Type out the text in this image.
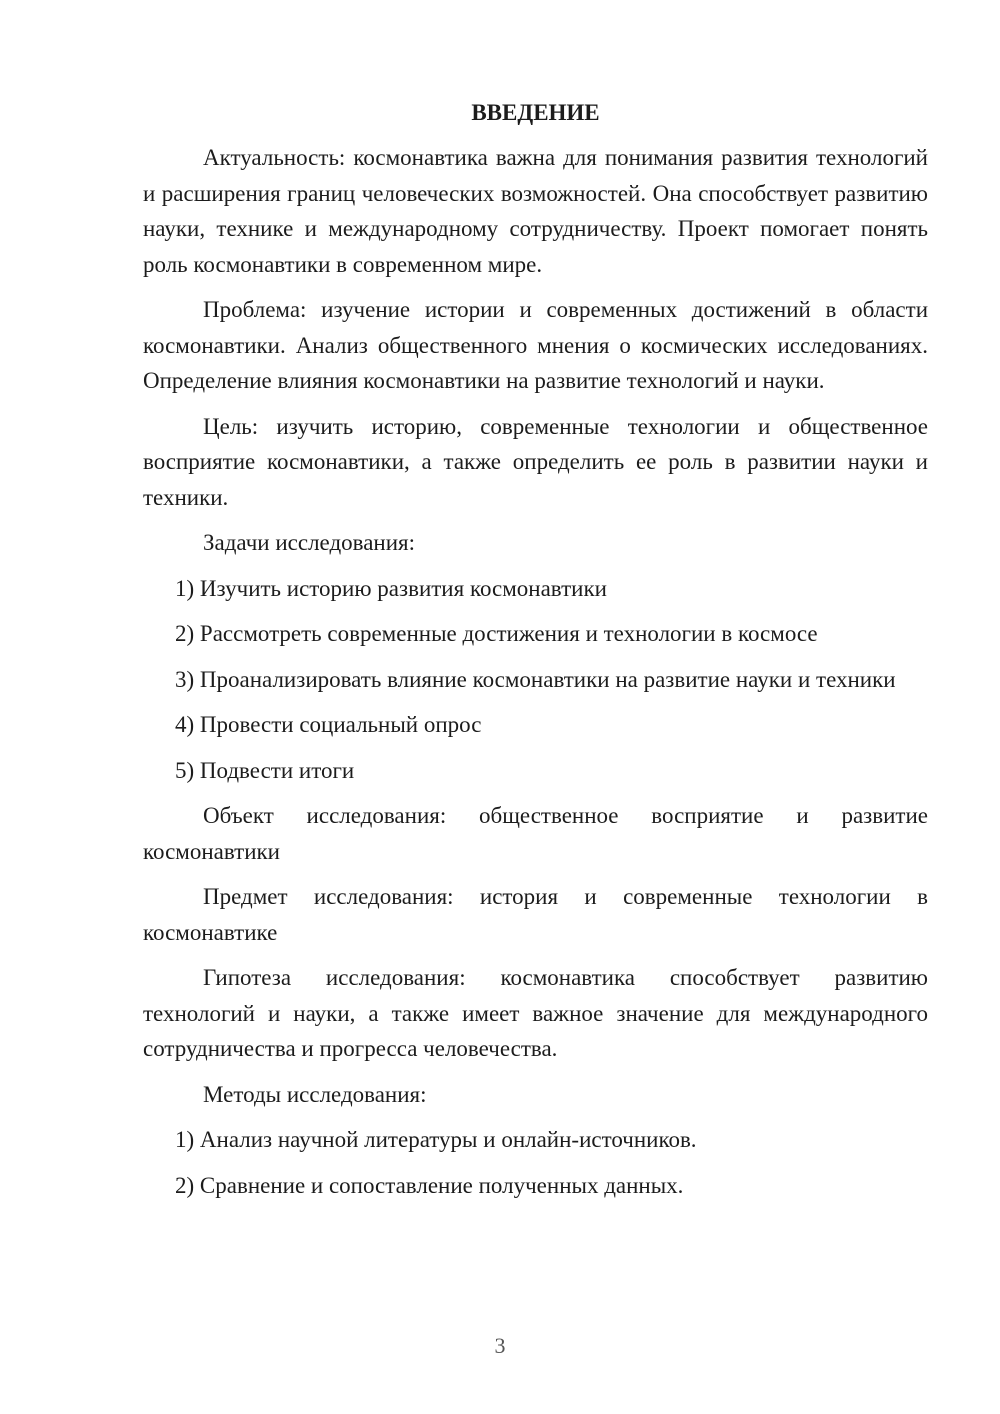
ВВЕДЕНИЕ
Актуальность: космонавтика важна для понимания развития технологий и расширения границ человеческих возможностей. Она способствует развитию науки, технике и международному сотрудничеству. Проект помогает понять роль космонавтики в современном мире.
Проблема: изучение истории и современных достижений в области космонавтики. Анализ общественного мнения о космических исследованиях. Определение влияния космонавтики на развитие технологий и науки.
Цель: изучить историю, современные технологии и общественное восприятие космонавтики, а также определить ее роль в развитии науки и техники.
Задачи исследования:
1) Изучить историю развития космонавтики
2) Рассмотреть современные достижения и технологии в космосе
3) Проанализировать влияние космонавтики на развитие науки и техники
4) Провести социальный опрос
5) Подвести итоги
Объект исследования: общественное восприятие и развитие космонавтики
Предмет исследования: история и современные технологии в космонавтике
Гипотеза исследования: космонавтика способствует развитию технологий и науки, а также имеет важное значение для международного сотрудничества и прогресса человечества.
Методы исследования:
1) Анализ научной литературы и онлайн-источников.
2) Сравнение и сопоставление полученных данных.
3
